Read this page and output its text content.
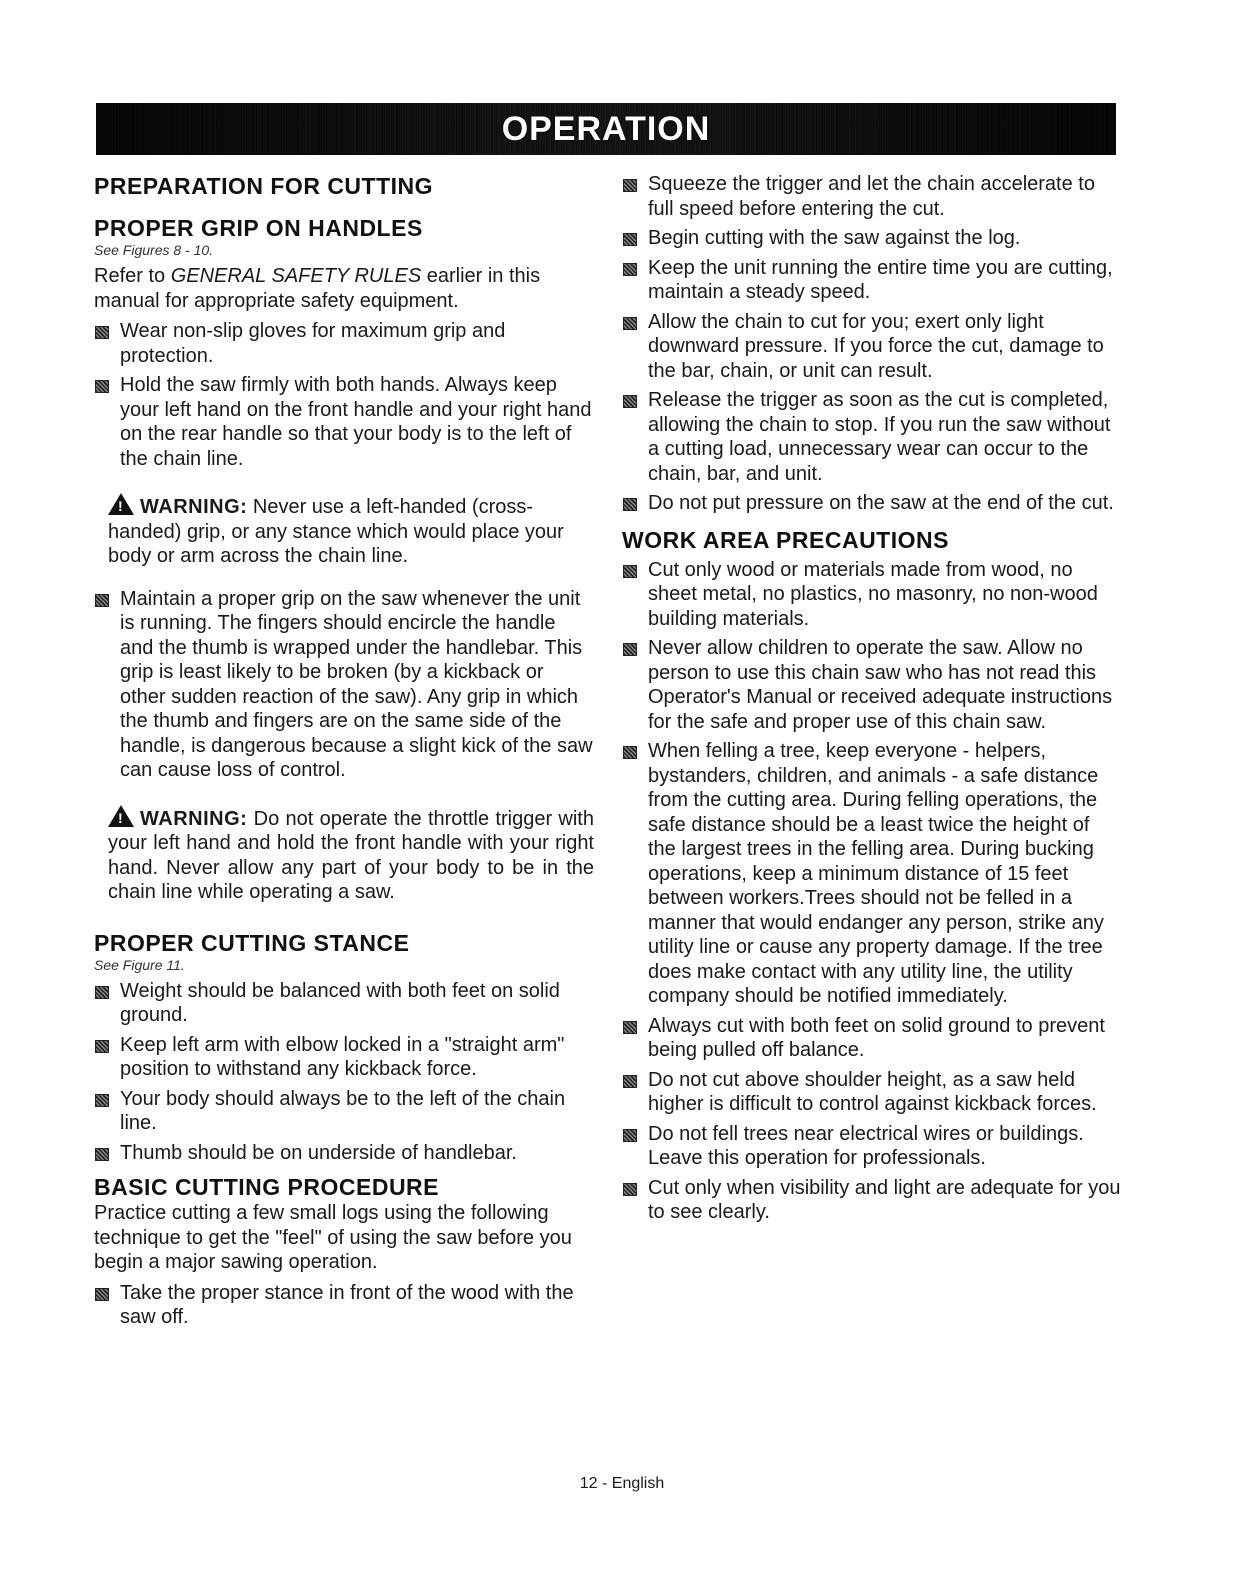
OPERATION
PREPARATION FOR CUTTING
PROPER GRIP ON HANDLES
See Figures 8 - 10.

Refer to GENERAL SAFETY RULES earlier in this manual for appropriate safety equipment.

Wear non-slip gloves for maximum grip and protection.
Hold the saw firmly with both hands. Always keep your left hand on the front handle and your right hand on the rear handle so that your body is to the left of the chain line.
!WARNING: Never use a left-handed (cross-handed) grip, or any stance which would place your body or arm across the chain line.
Maintain a proper grip on the saw whenever the unit is running. The fingers should encircle the handle and the thumb is wrapped under the handlebar. This grip is least likely to be broken (by a kickback or other sudden reaction of the saw). Any grip in which the thumb and fingers are on the same side of the handle, is dangerous because a slight kick of the saw can cause loss of control.
!WARNING: Do not operate the throttle trigger with your left hand and hold the front handle with your right hand. Never allow any part of your body to be in the chain line while operating a saw.
PROPER CUTTING STANCE
See Figure 11.
Weight should be balanced with both feet on solid ground.
Keep left arm with elbow locked in a "straight arm" position to withstand any kickback force.
Your body should always be to the left of the chain line.
Thumb should be on underside of handlebar.
BASIC CUTTING PROCEDURE

Practice cutting a few small logs using the following technique to get the "feel" of using the saw before you begin a major sawing operation.

Take the proper stance in front of the wood with the saw off.
Squeeze the trigger and let the chain accelerate to full speed before entering the cut.
Begin cutting with the saw against the log.
Keep the unit running the entire time you are cutting, maintain a steady speed.
Allow the chain to cut for you; exert only light downward pressure. If you force the cut, damage to the bar, chain, or unit can result.
Release the trigger as soon as the cut is completed, allowing the chain to stop. If you run the saw without a cutting load, unnecessary wear can occur to the chain, bar, and unit.
Do not put pressure on the saw at the end of the cut.
WORK AREA PRECAUTIONS
Cut only wood or materials made from wood, no sheet metal, no plastics, no masonry, no non-wood building materials.
Never allow children to operate the saw. Allow no person to use this chain saw who has not read this Operator's Manual or received adequate instructions for the safe and proper use of this chain saw.
When felling a tree, keep everyone - helpers, bystanders, children, and animals - a safe distance from the cutting area. During felling operations, the safe distance should be a least twice the height of the largest trees in the felling area. During bucking operations, keep a minimum distance of 15 feet between workers.Trees should not be felled in a manner that would endanger any person, strike any utility line or cause any property damage. If the tree does make contact with any utility line, the utility company should be notified immediately.
Always cut with both feet on solid ground to prevent being pulled off balance.
Do not cut above shoulder height, as a saw held higher is difficult to control against kickback forces.
Do not fell trees near electrical wires or buildings. Leave this operation for professionals.
Cut only when visibility and light are adequate for you to see clearly.
12 - English
